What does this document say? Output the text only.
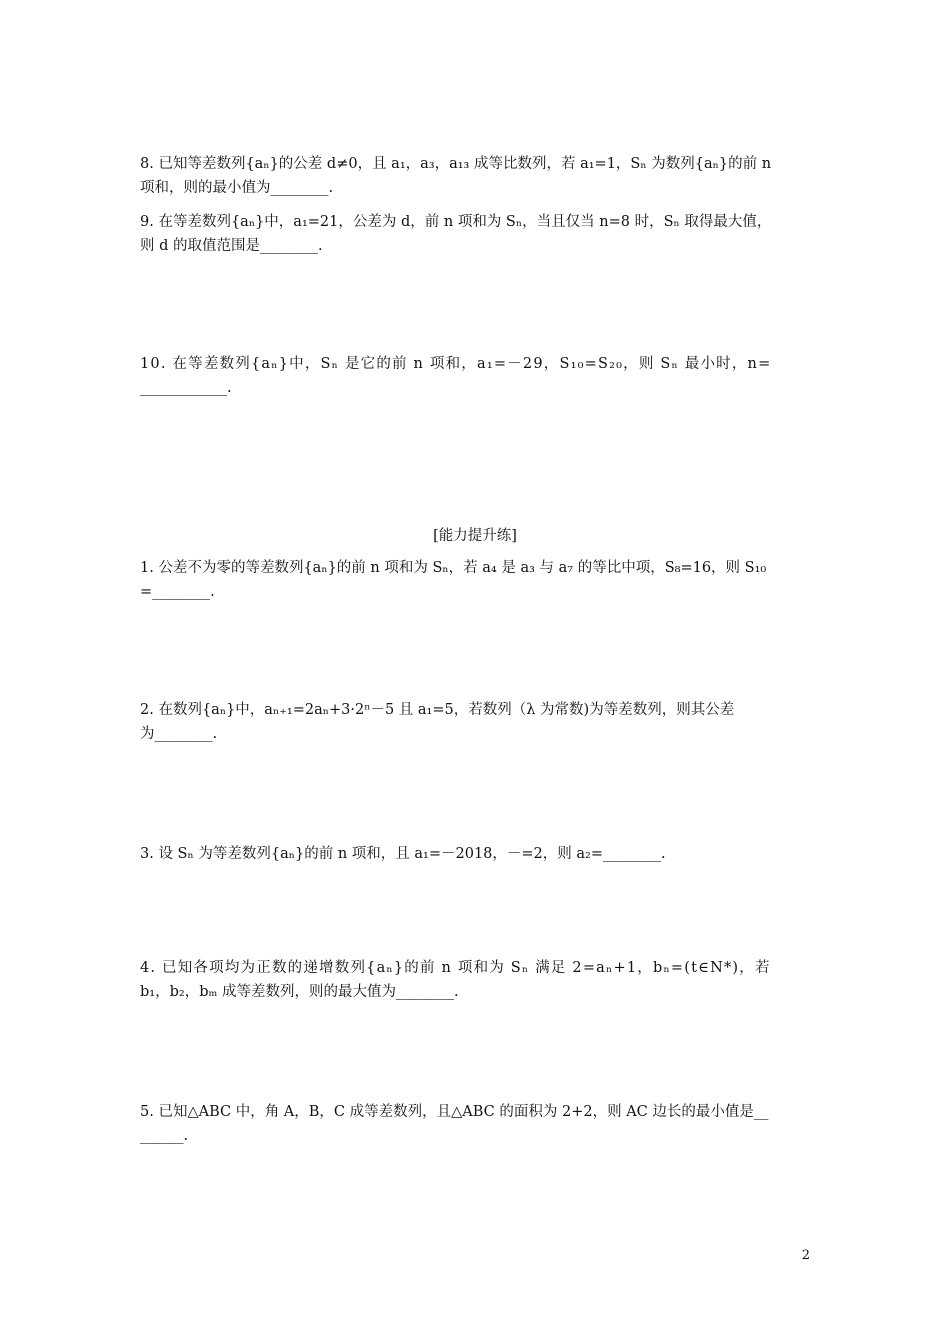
8. 已知等差数列{aₙ}的公差 d≠0，且 a₁，a₃，a₁₃ 成等比数列，若 a₁=1，Sₙ 为数列{aₙ}的前 n
项和，则的最小值为________.
9. 在等差数列{aₙ}中，a₁=21，公差为 d，前 n 项和为 Sₙ，当且仅当 n=8 时，Sₙ 取得最大值，
则 d 的取值范围是________.
10. 在等差数列{aₙ}中，Sₙ 是它的前 n 项和，a₁=－29，S₁₀=S₂₀，则 Sₙ 最小时，n=
____________.
[能力提升练]
1. 公差不为零的等差数列{aₙ}的前 n 项和为 Sₙ，若 a₄ 是 a₃ 与 a₇ 的等比中项，S₈=16，则 S₁₀
=________.
2. 在数列{aₙ}中，aₙ₊₁=2aₙ+3·2ⁿ－5 且 a₁=5，若数列（λ 为常数)为等差数列，则其公差
为________.
3. 设 Sₙ 为等差数列{aₙ}的前 n 项和，且 a₁=－2018，－=2，则 a₂=________.
4. 已知各项均为正数的递增数列{aₙ}的前 n 项和为 Sₙ 满足 2=aₙ+1，bₙ=(t∈N*)，若
b₁，b₂，bₘ 成等差数列，则的最大值为________.
5. 已知△ABC 中，角 A，B，C 成等差数列，且△ABC 的面积为 2+2，则 AC 边长的最小值是__
______.
2
